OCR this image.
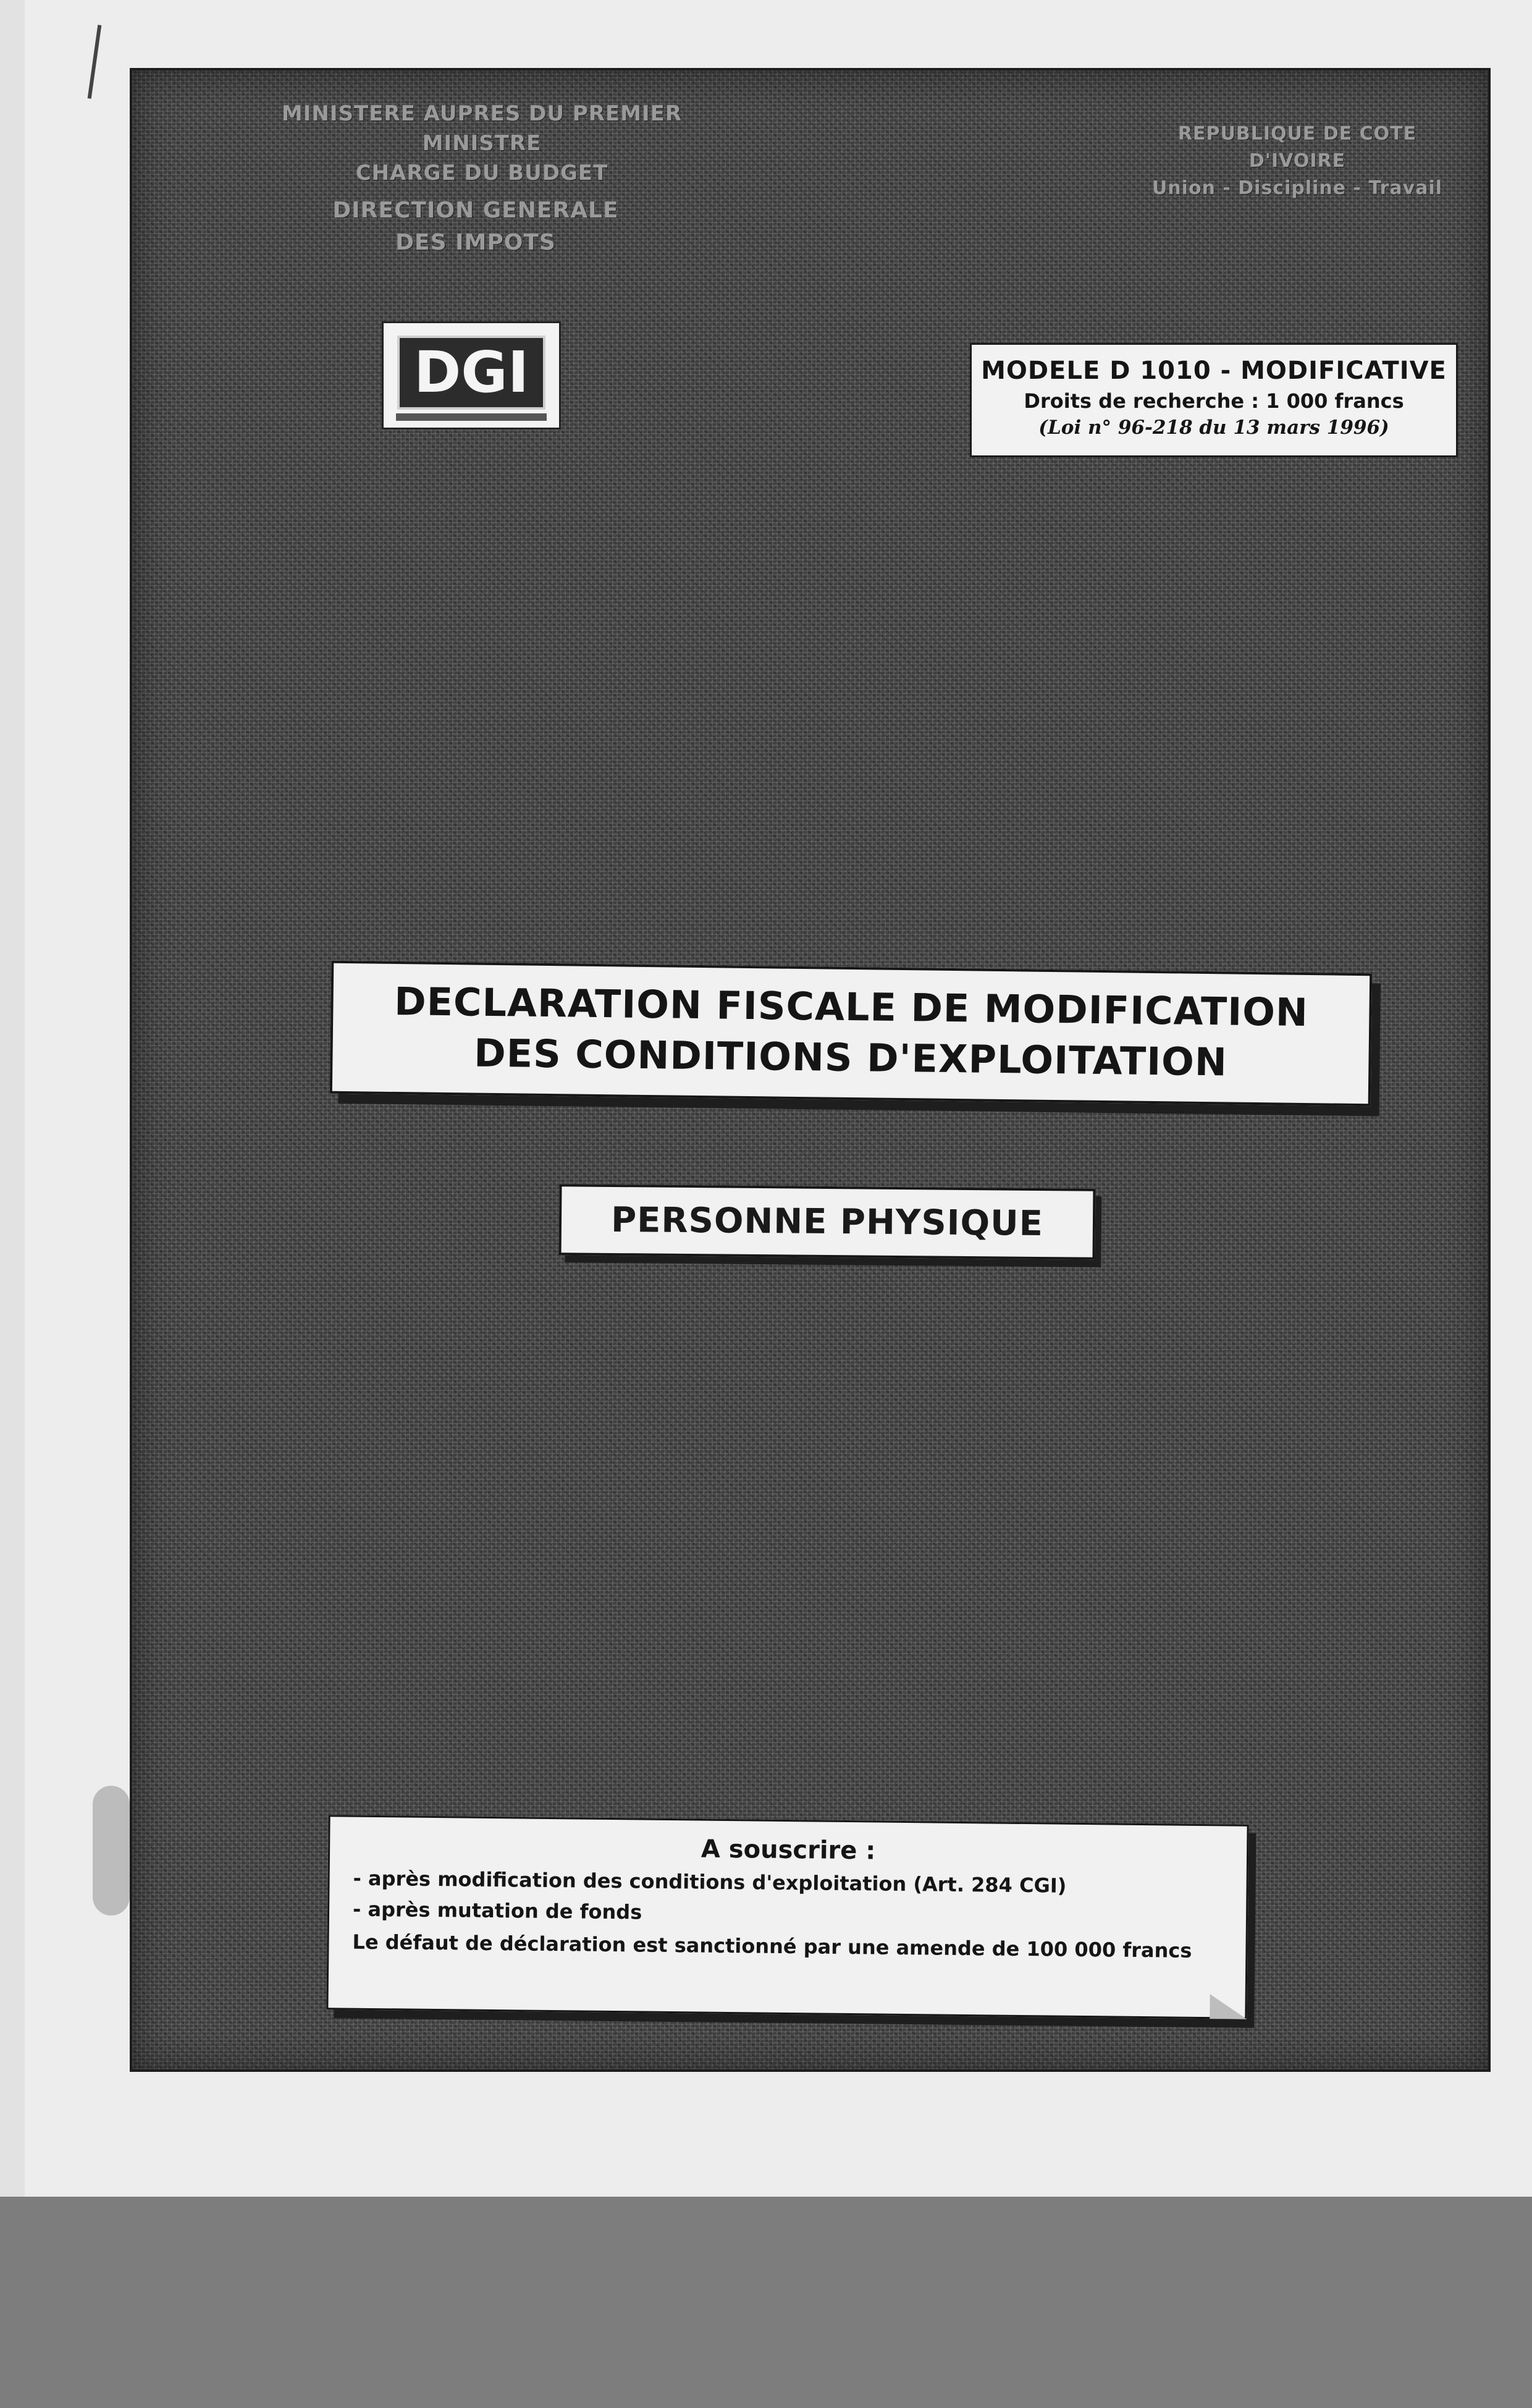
MINISTERE AUPRES DU PREMIER MINISTRE
CHARGE DU BUDGET
DIRECTION GENERALE
DES IMPOTS
REPUBLIQUE DE COTE D'IVOIRE
Union - Discipline - Travail
DGI	MODELE D 1010 - MODIFICATIVE
Droits de recherche : 1 000 francs
(Loi n° 96-218 du 13 mars 1996)
DECLARATION FISCALE DE MODIFICATION
DES CONDITIONS D'EXPLOITATION
PERSONNE PHYSIQUE
A souscrire :
- après modification des conditions d'exploitation (Art. 284 CGI)
- après mutation de fonds
Le défaut de déclaration est sanctionné par une amende de 100 000 francs
